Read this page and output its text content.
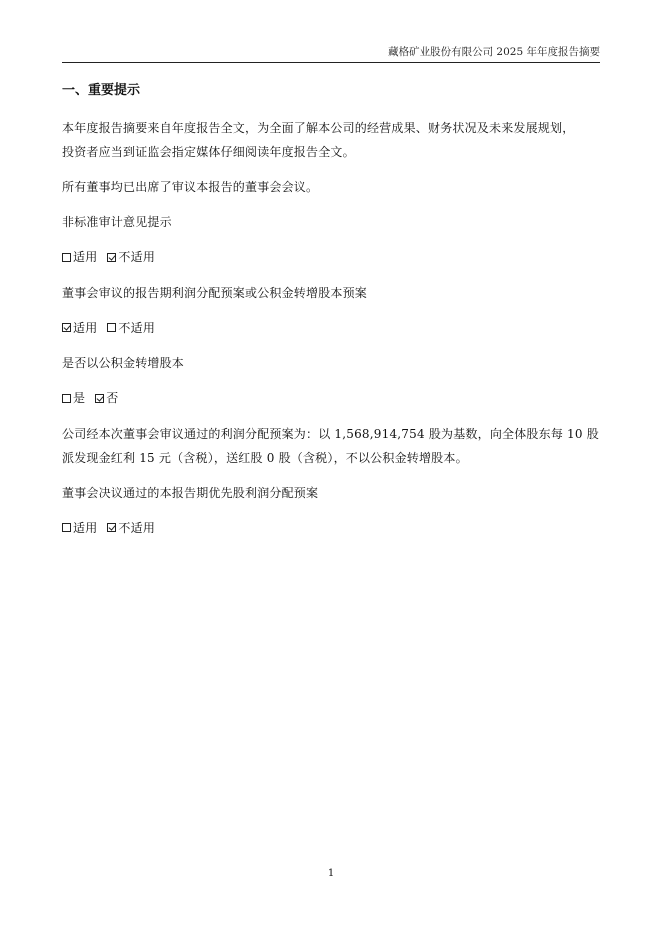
藏格矿业股份有限公司 2025 年年度报告摘要
一、重要提示
本年度报告摘要来自年度报告全文，为全面了解本公司的经营成果、财务状况及未来发展规划，
投资者应当到证监会指定媒体仔细阅读年度报告全文。
所有董事均已出席了审议本报告的董事会会议。
非标准审计意见提示
适用
不适用
董事会审议的报告期利润分配预案或公积金转增股本预案
适用
不适用
是否以公积金转增股本
是
否
公司经本次董事会审议通过的利润分配预案为：以 1,568,914,754 股为基数，向全体股东每 10 股
派发现金红利 15 元（含税），送红股 0 股（含税），不以公积金转增股本。
董事会决议通过的本报告期优先股利润分配预案
适用
不适用
1
